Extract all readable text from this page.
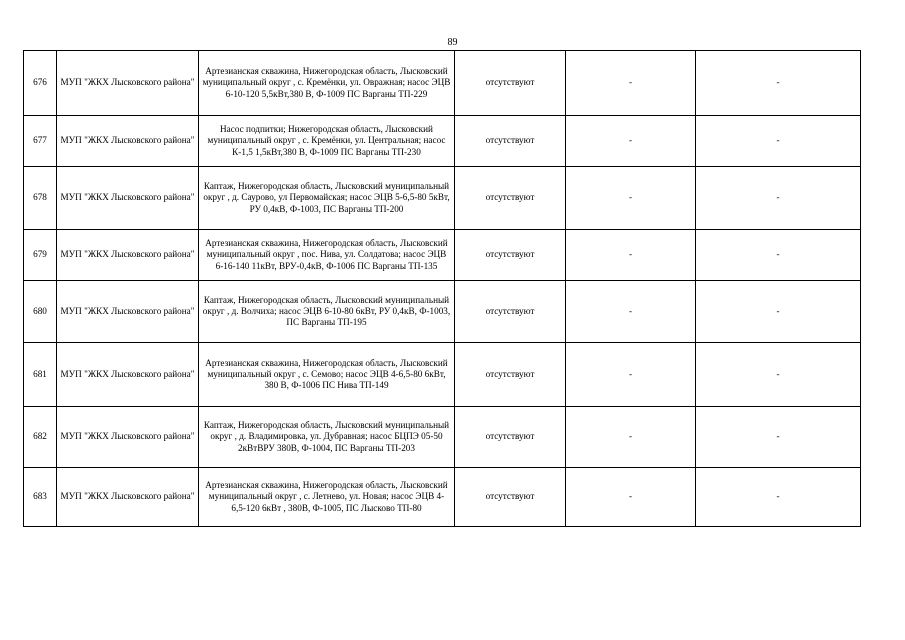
89
676	МУП "ЖКХ Лысковского района"	Артезианская скважина, Нижегородская область, Лысковский муниципальный округ , с. Кремёнки, ул. Овражная; насос ЭЦВ 6-10-120 5,5кВт,380 В, Ф-1009 ПС Варганы ТП-229	отсутствуют	-	-
677	МУП "ЖКХ Лысковского района"	Насос подпитки; Нижегородская область, Лысковский муниципальный округ , с. Кремёнки, ул. Центральная; насос К-1,5 1,5кВт,380 В, Ф-1009 ПС Варганы ТП-230	отсутствуют	-	-
678	МУП "ЖКХ Лысковского района"	Каптаж, Нижегородская область, Лысковский муниципальный округ , д. Саурово, ул Первомайская; насос ЭЦВ 5-6,5-80 5кВт, РУ 0,4кВ, Ф-1003, ПС Варганы ТП-200	отсутствуют	-	-
679	МУП "ЖКХ Лысковского района"	Артезианская скважина, Нижегородская область, Лысковский муниципальный округ , пос. Нива, ул. Солдатова; насос ЭЦВ 6-16-140 11кВт, ВРУ-0,4кВ, Ф-1006 ПС Варганы ТП-135	отсутствуют	-	-
680	МУП "ЖКХ Лысковского района"	Каптаж, Нижегородская область, Лысковский муниципальный округ , д. Волчиха; насос ЭЦВ 6-10-80 6кВт, РУ 0,4кВ, Ф-1003, ПС Варганы ТП-195	отсутствуют	-	-
681	МУП "ЖКХ Лысковского района"	Артезианская скважина, Нижегородская область, Лысковский муниципальный округ , с. Семово; насос ЭЦВ 4-6,5-80 6кВт, 380 В, Ф-1006 ПС Нива ТП-149	отсутствуют	-	-
682	МУП "ЖКХ Лысковского района"	Каптаж, Нижегородская область, Лысковский муниципальный округ , д. Владимировка, ул. Дубравная; насос БЦПЭ 05-50 2кВтВРУ 380В, Ф-1004, ПС Варганы ТП-203	отсутствуют	-	-
683	МУП "ЖКХ Лысковского района"	Артезианская скважина, Нижегородская область, Лысковский муниципальный округ , с. Летнево, ул. Новая; насос ЭЦВ 4-6,5-120 6кВт , 380В, Ф-1005, ПС Лысково ТП-80	отсутствуют	-	-
